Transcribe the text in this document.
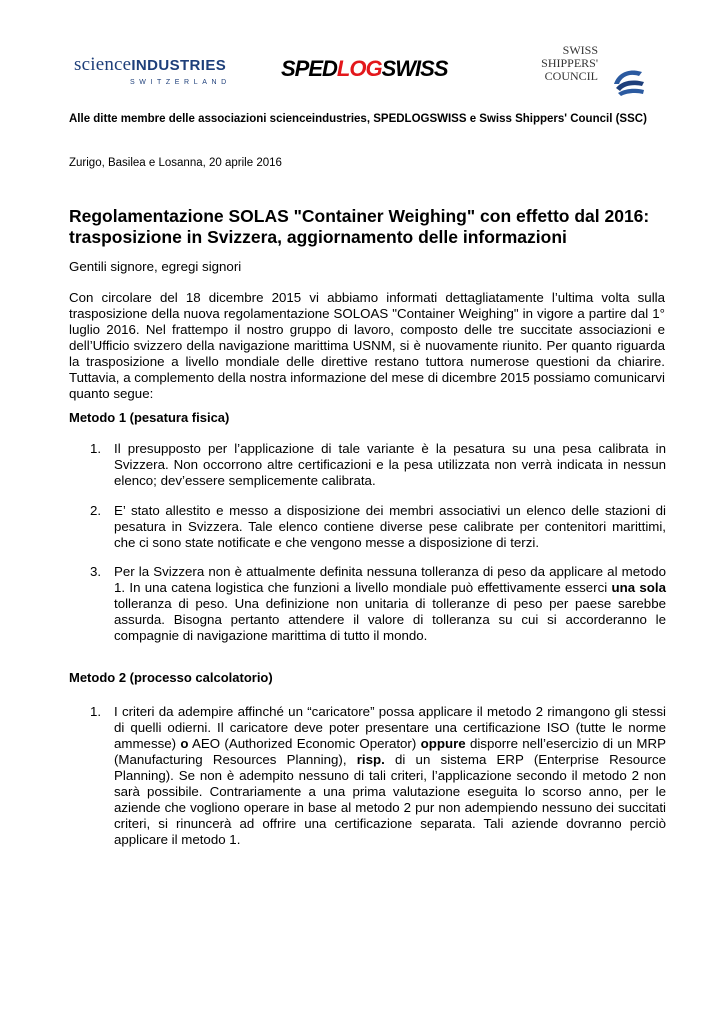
scienceINDUSTRIES
SWITZERLAND
SPEDLOGSWISS
SWISS
SHIPPERS'
COUNCIL
Alle ditte membre delle associazioni scienceindustries, SPEDLOGSWISS e Swiss Shippers' Council (SSC)
Zurigo, Basilea e Losanna, 20 aprile 2016
Regolamentazione SOLAS "Container Weighing" con effetto dal 2016: trasposizione in Svizzera, aggiornamento delle informazioni
Gentili signore, egregi signori
Con circolare del 18 dicembre 2015 vi abbiamo informati dettagliatamente l’ultima volta sulla trasposizione della nuova regolamentazione SOLOAS "Container Weighing" in vigore a partire dal 1° luglio 2016. Nel frattempo il nostro gruppo di lavoro, composto delle tre succitate associazioni e dell’Ufficio svizzero della navigazione marittima USNM, si è nuovamente riunito. Per quanto riguarda la trasposizione a livello mondiale delle direttive restano tuttora numerose questioni da chiarire. Tuttavia, a complemento della nostra informazione del mese di dicembre 2015 possiamo comunicarvi quanto segue:
Metodo 1 (pesatura fisica)
1. Il presupposto per l’applicazione di tale variante è la pesatura su una pesa calibrata in Svizzera. Non occorrono altre certificazioni e la pesa utilizzata non verrà indicata in nessun elenco; dev’essere semplicemente calibrata.
2. E’ stato allestito e messo a disposizione dei membri associativi un elenco delle stazioni di pesatura in Svizzera. Tale elenco contiene diverse pese calibrate per contenitori marittimi, che ci sono state notificate e che vengono messe a disposizione di terzi.
3. Per la Svizzera non è attualmente definita nessuna tolleranza di peso da applicare al metodo 1. In una catena logistica che funzioni a livello mondiale può effettivamente esserci una sola tolleranza di peso. Una definizione non unitaria di tolleranze di peso per paese sarebbe assurda. Bisogna pertanto attendere il valore di tolleranza su cui si accorderanno le compagnie di navigazione marittima di tutto il mondo.
Metodo 2 (processo calcolatorio)
1. I criteri da adempire affinché un “caricatore” possa applicare il metodo 2 rimangono gli stessi di quelli odierni. Il caricatore deve poter presentare una certificazione ISO (tutte le norme ammesse) o AEO (Authorized Economic Operator) oppure disporre nell’esercizio di un MRP (Manufacturing Resources Planning), risp. di un sistema ERP (Enterprise Resource Planning). Se non è adempito nessuno di tali criteri, l’applicazione secondo il metodo 2 non sarà possibile. Contrariamente a una prima valutazione eseguita lo scorso anno, per le aziende che vogliono operare in base al metodo 2 pur non adempiendo nessuno dei succitati criteri, si rinuncerà ad offrire una certificazione separata. Tali aziende dovranno perciò applicare il metodo 1.
